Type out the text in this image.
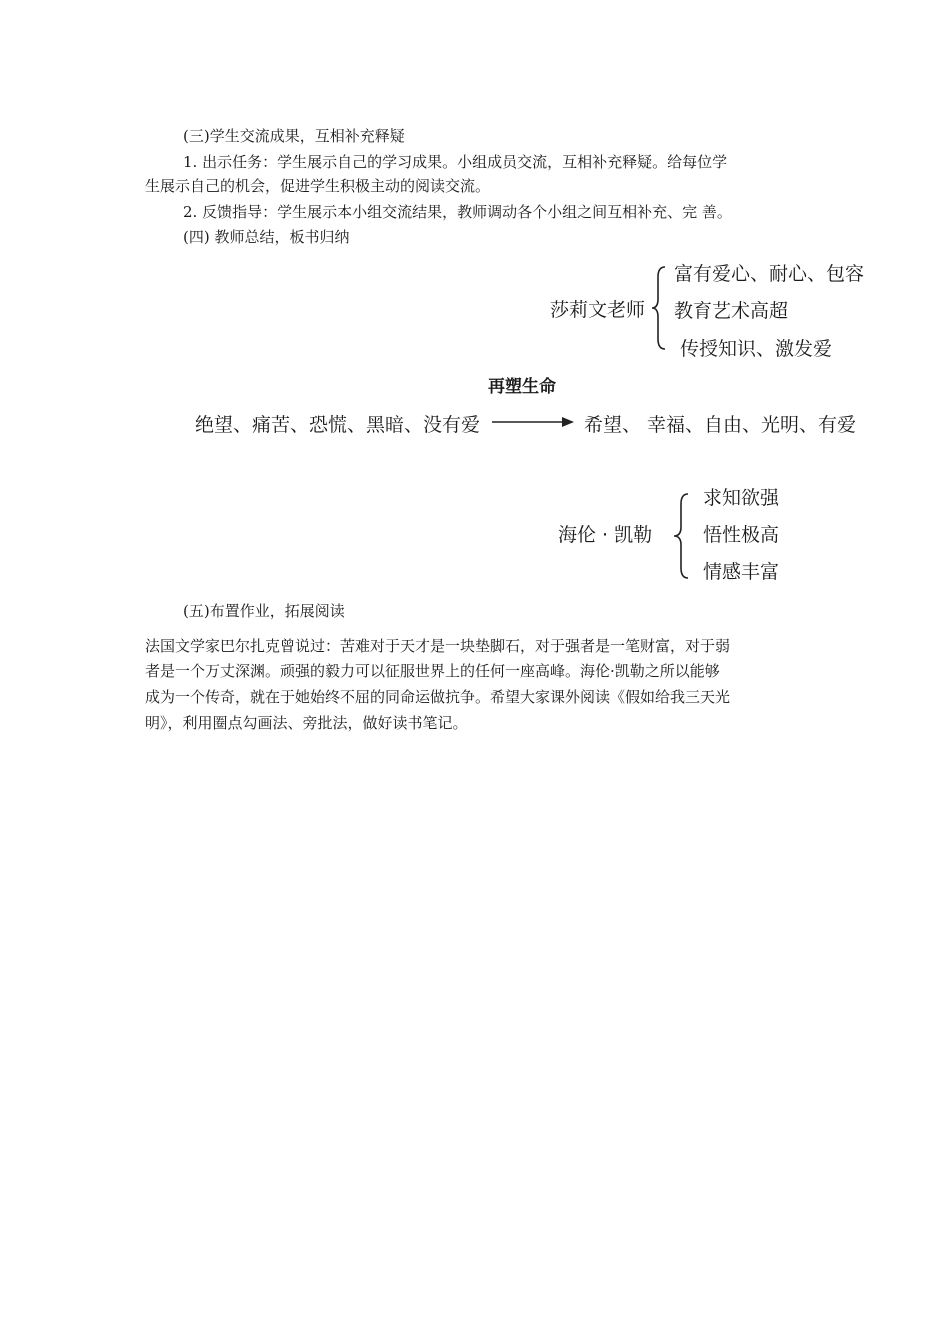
(三)学生交流成果，互相补充释疑
1. 出示任务：学生展示自己的学习成果。小组成员交流，互相补充释疑。给每位学
生展示自己的机会，促进学生积极主动的阅读交流。
2. 反馈指导：学生展示本小组交流结果，教师调动各个小组之间互相补充、完 善。
(四) 教师总结，板书归纳
莎莉文老师
富有爱心、耐心、包容
教育艺术高超
传授知识、激发爱
再塑生命
绝望、痛苦、恐慌、黑暗、没有爱	希望、 幸福、自由、光明、有爱
海伦 · 凯勒
求知欲强
悟性极高
情感丰富
(五)布置作业，拓展阅读
法国文学家巴尔扎克曾说过：苦难对于天才是一块垫脚石，对于强者是一笔财富，对于弱
者是一个万丈深渊。顽强的毅力可以征服世界上的任何一座高峰。海伦·凯勒之所以能够
成为一个传奇，就在于她始终不屈的同命运做抗争。希望大家课外阅读《假如给我三天光
明》，利用圈点勾画法、旁批法，做好读书笔记。
